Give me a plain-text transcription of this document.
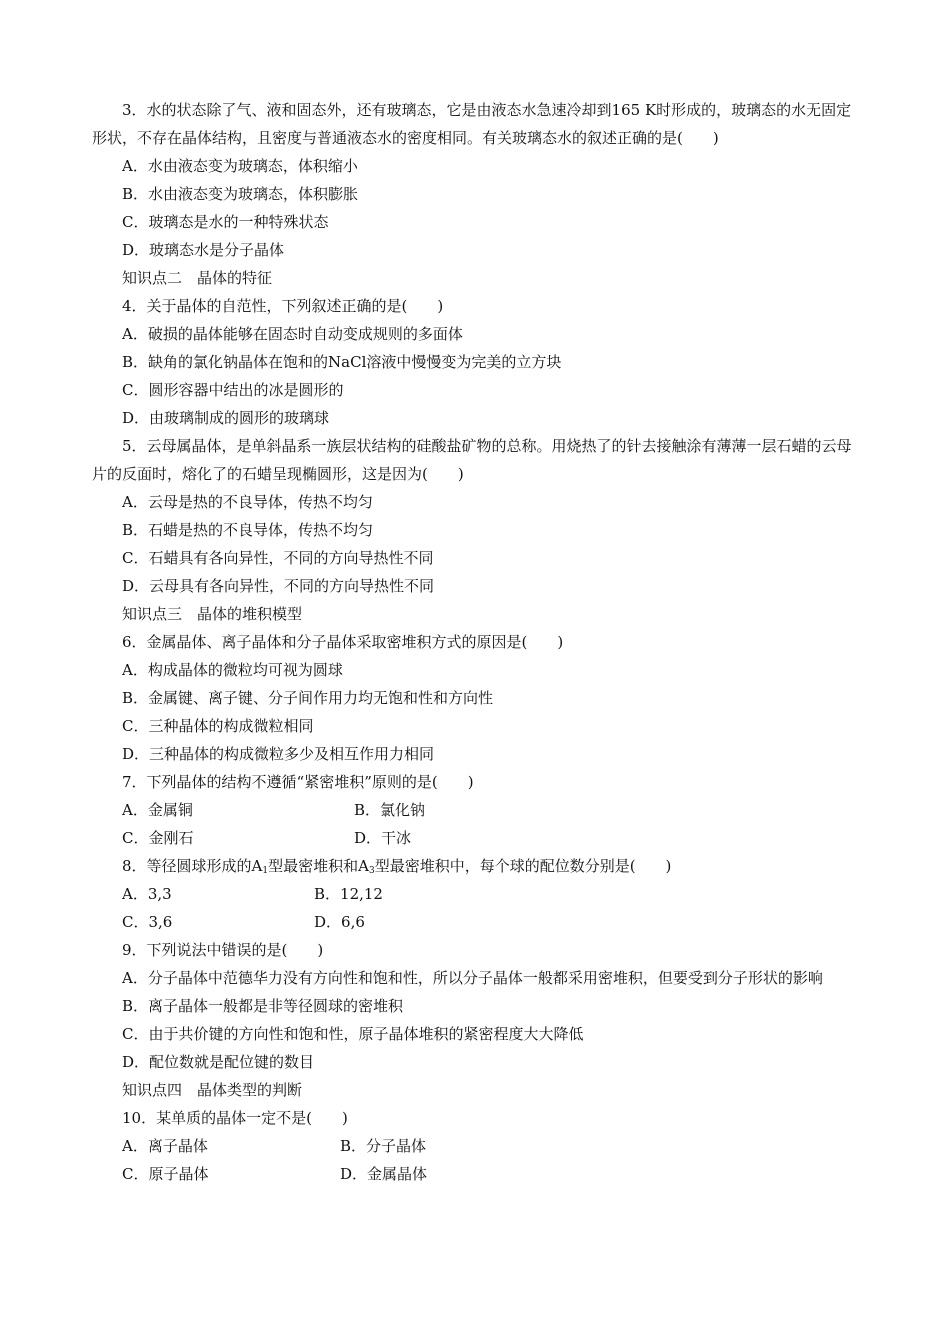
3．水的状态除了气、液和固态外，还有玻璃态，它是由液态水急速冷却到165 K时形成的，玻璃态的水无固定形状，不存在晶体结构，且密度与普通液态水的密度相同。有关玻璃态水的叙述正确的是(　　)
A．水由液态变为玻璃态，体积缩小
B．水由液态变为玻璃态，体积膨胀
C．玻璃态是水的一种特殊状态
D．玻璃态水是分子晶体
知识点二　晶体的特征
4．关于晶体的自范性，下列叙述正确的是(　　)
A．破损的晶体能够在固态时自动变成规则的多面体
B．缺角的氯化钠晶体在饱和的NaCl溶液中慢慢变为完美的立方块
C．圆形容器中结出的冰是圆形的
D．由玻璃制成的圆形的玻璃球
5．云母属晶体，是单斜晶系一族层状结构的硅酸盐矿物的总称。用烧热了的针去接触涂有薄薄一层石蜡的云母片的反面时，熔化了的石蜡呈现椭圆形，这是因为(　　)
A．云母是热的不良导体，传热不均匀
B．石蜡是热的不良导体，传热不均匀
C．石蜡具有各向异性，不同的方向导热性不同
D．云母具有各向异性，不同的方向导热性不同
知识点三　晶体的堆积模型
6．金属晶体、离子晶体和分子晶体采取密堆积方式的原因是(　　)
A．构成晶体的微粒均可视为圆球
B．金属键、离子键、分子间作用力均无饱和性和方向性
C．三种晶体的构成微粒相同
D．三种晶体的构成微粒多少及相互作用力相同
7．下列晶体的结构不遵循“紧密堆积”原则的是(　　)
A．金属铜	B．氯化钠
C．金刚石	D．干冰
8．等径圆球形成的$A_1$型最密堆积和$A_3$型最密堆积中，每个球的配位数分别是(　　)
A．3,3	B．12,12
C．3,6	D．6,6
9．下列说法中错误的是(　　)
A．分子晶体中范德华力没有方向性和饱和性，所以分子晶体一般都采用密堆积，但要受到分子形状的影响
B．离子晶体一般都是非等径圆球的密堆积
C．由于共价键的方向性和饱和性，原子晶体堆积的紧密程度大大降低
D．配位数就是配位键的数目
知识点四　晶体类型的判断
10．某单质的晶体一定不是(　　)
A．离子晶体	B．分子晶体
C．原子晶体	D．金属晶体
